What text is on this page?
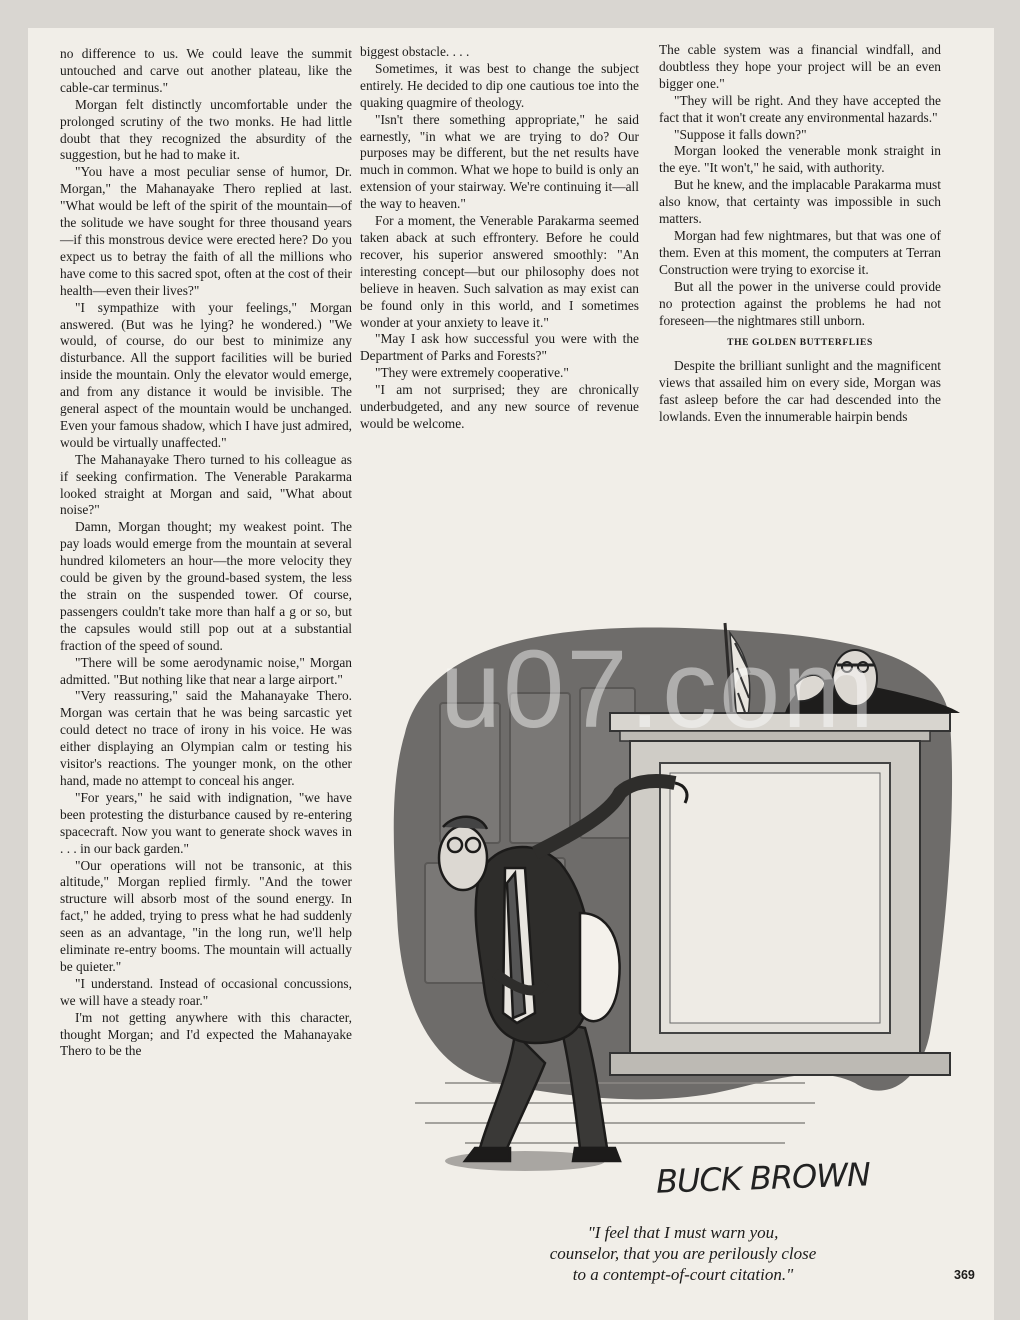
no difference to us. We could leave the summit untouched and carve out another plateau, like the cable-car terminus."

Morgan felt distinctly uncomfortable under the prolonged scrutiny of the two monks. He had little doubt that they recognized the absurdity of the suggestion, but he had to make it.

"You have a most peculiar sense of humor, Dr. Morgan," the Mahanayake Thero replied at last. "What would be left of the spirit of the mountain—of the solitude we have sought for three thousand years—if this monstrous device were erected here? Do you expect us to betray the faith of all the millions who have come to this sacred spot, often at the cost of their health—even their lives?"

"I sympathize with your feelings," Morgan answered. (But was he lying? he wondered.) "We would, of course, do our best to minimize any disturbance. All the support facilities will be buried inside the mountain. Only the elevator would emerge, and from any distance it would be invisible. The general aspect of the mountain would be unchanged. Even your famous shadow, which I have just admired, would be virtually unaffected."

The Mahanayake Thero turned to his colleague as if seeking confirmation. The Venerable Parakarma looked straight at Morgan and said, "What about noise?"

Damn, Morgan thought; my weakest point. The pay loads would emerge from the mountain at several hundred kilometers an hour—the more velocity they could be given by the ground-based system, the less the strain on the suspended tower. Of course, passengers couldn't take more than half a g or so, but the capsules would still pop out at a substantial fraction of the speed of sound.

"There will be some aerodynamic noise," Morgan admitted. "But nothing like that near a large airport."

"Very reassuring," said the Mahanayake Thero. Morgan was certain that he was being sarcastic yet could detect no trace of irony in his voice. He was either displaying an Olympian calm or testing his visitor's reactions. The younger monk, on the other hand, made no attempt to conceal his anger.

"For years," he said with indignation, "we have been protesting the disturbance caused by re-entering spacecraft. Now you want to generate shock waves in . . . in our back garden."

"Our operations will not be transonic, at this altitude," Morgan replied firmly. "And the tower structure will absorb most of the sound energy. In fact," he added, trying to press what he had suddenly seen as an advantage, "in the long run, we'll help eliminate re-entry booms. The mountain will actually be quieter."

"I understand. Instead of occasional concussions, we will have a steady roar."

I'm not getting anywhere with this character, thought Morgan; and I'd expected the Mahanayake Thero to be the

biggest obstacle. . . .

Sometimes, it was best to change the subject entirely. He decided to dip one cautious toe into the quaking quagmire of theology.

"Isn't there something appropriate," he said earnestly, "in what we are trying to do? Our purposes may be different, but the net results have much in common. What we hope to build is only an extension of your stairway. We're continuing it—all the way to heaven."

For a moment, the Venerable Parakarma seemed taken aback at such effrontery. Before he could recover, his superior answered smoothly: "An interesting concept—but our philosophy does not believe in heaven. Such salvation as may exist can be found only in this world, and I sometimes wonder at your anxiety to leave it."

"May I ask how successful you were with the Department of Parks and Forests?"

"They were extremely cooperative."

"I am not surprised; they are chronically underbudgeted, and any new source of revenue would be welcome.

The cable system was a financial windfall, and doubtless they hope your project will be an even bigger one."

"They will be right. And they have accepted the fact that it won't create any environmental hazards."

"Suppose it falls down?"

Morgan looked the venerable monk straight in the eye. "It won't," he said, with authority.

But he knew, and the implacable Parakarma must also know, that certainty was impossible in such matters.

Morgan had few nightmares, but that was one of them. Even at this moment, the computers at Terran Construction were trying to exorcise it.

But all the power in the universe could provide no protection against the problems he had not foreseen—the nightmares still unborn.

THE GOLDEN BUTTERFLIES

Despite the brilliant sunlight and the magnificent views that assailed him on every side, Morgan was fast asleep before the car had descended into the lowlands. Even the innumerable hairpin bends

u07.com
BUCK BROWN

"I feel that I must warn you,

counselor, that you are perilously close

to a contempt-of-court citation."	369
